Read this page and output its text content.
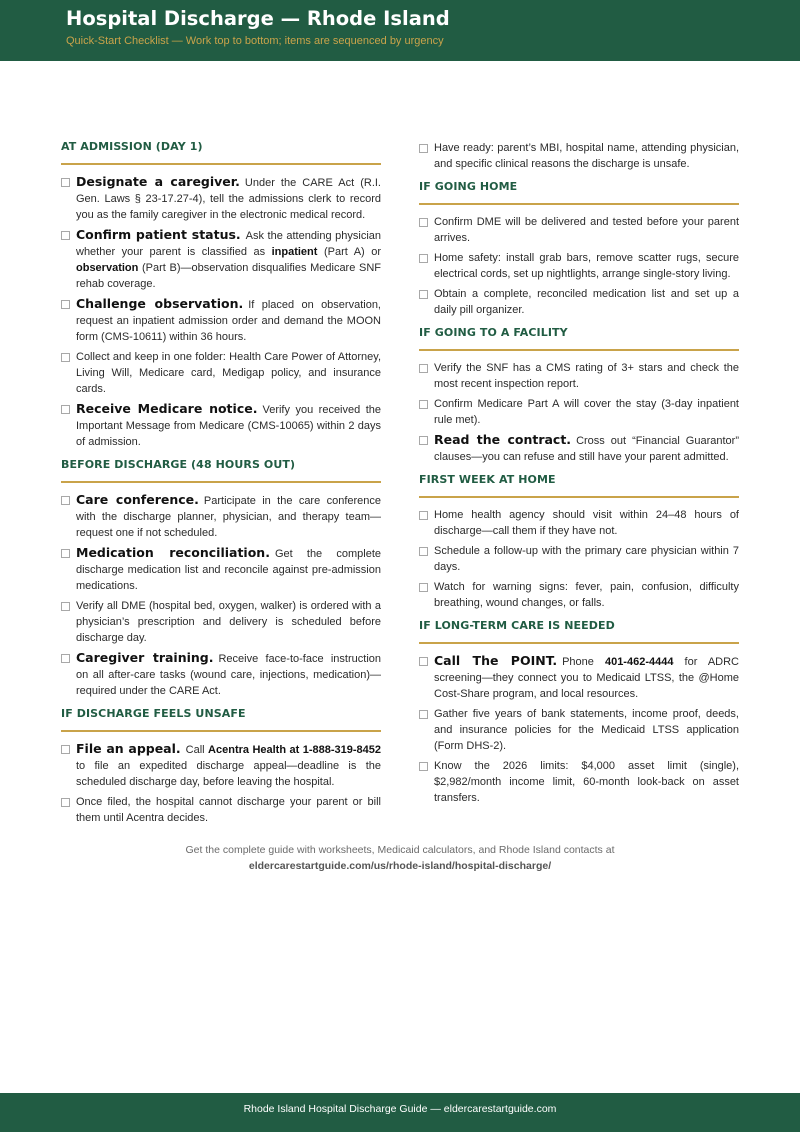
Hospital Discharge — Rhode Island
Quick-Start Checklist — Work top to bottom; items are sequenced by urgency
AT ADMISSION (DAY 1)
Designate a caregiver. Under the CARE Act (R.I. Gen. Laws § 23-17.27-4), tell the admissions clerk to record you as the family caregiver in the electronic medical record.
Confirm patient status. Ask the attending physician whether your parent is classified as inpatient (Part A) or observation (Part B)—observation disqualifies Medicare SNF rehab coverage.
Challenge observation. If placed on observation, request an inpatient admission order and demand the MOON form (CMS-10611) within 36 hours.
Collect and keep in one folder: Health Care Power of Attorney, Living Will, Medicare card, Medigap policy, and insurance cards.
Receive Medicare notice. Verify you received the Important Message from Medicare (CMS-10065) within 2 days of admission.
BEFORE DISCHARGE (48 HOURS OUT)
Care conference. Participate in the care conference with the discharge planner, physician, and therapy team—request one if not scheduled.
Medication reconciliation. Get the complete discharge medication list and reconcile against pre-admission medications.
Verify all DME (hospital bed, oxygen, walker) is ordered with a physician’s prescription and delivery is scheduled before discharge day.
Caregiver training. Receive face-to-face instruction on all after-care tasks (wound care, injections, medication)—required under the CARE Act.
IF DISCHARGE FEELS UNSAFE
File an appeal. Call Acentra Health at 1-888-319-8452 to file an expedited discharge appeal—deadline is the scheduled discharge day, before leaving the hospital.
Once filed, the hospital cannot discharge your parent or bill them until Acentra decides.
Have ready: parent’s MBI, hospital name, attending physician, and specific clinical reasons the discharge is unsafe.
IF GOING HOME
Confirm DME will be delivered and tested before your parent arrives.
Home safety: install grab bars, remove scatter rugs, secure electrical cords, set up nightlights, arrange single-story living.
Obtain a complete, reconciled medication list and set up a daily pill organizer.
IF GOING TO A FACILITY
Verify the SNF has a CMS rating of 3+ stars and check the most recent inspection report.
Confirm Medicare Part A will cover the stay (3-day inpatient rule met).
Read the contract. Cross out “Financial Guarantor” clauses—you can refuse and still have your parent admitted.
FIRST WEEK AT HOME
Home health agency should visit within 24–48 hours of discharge—call them if they have not.
Schedule a follow-up with the primary care physician within 7 days.
Watch for warning signs: fever, pain, confusion, difficulty breathing, wound changes, or falls.
IF LONG-TERM CARE IS NEEDED
Call The POINT. Phone 401-462-4444 for ADRC screening—they connect you to Medicaid LTSS, the @Home Cost-Share program, and local resources.
Gather five years of bank statements, income proof, deeds, and insurance policies for the Medicaid LTSS application (Form DHS-2).
Know the 2026 limits: $4,000 asset limit (single), $2,982/month income limit, 60-month look-back on asset transfers.
Get the complete guide with worksheets, Medicaid calculators, and Rhode Island contacts at
eldercarestartguide.com/us/rhode-island/hospital-discharge/
Rhode Island Hospital Discharge Guide — eldercarestartguide.com
